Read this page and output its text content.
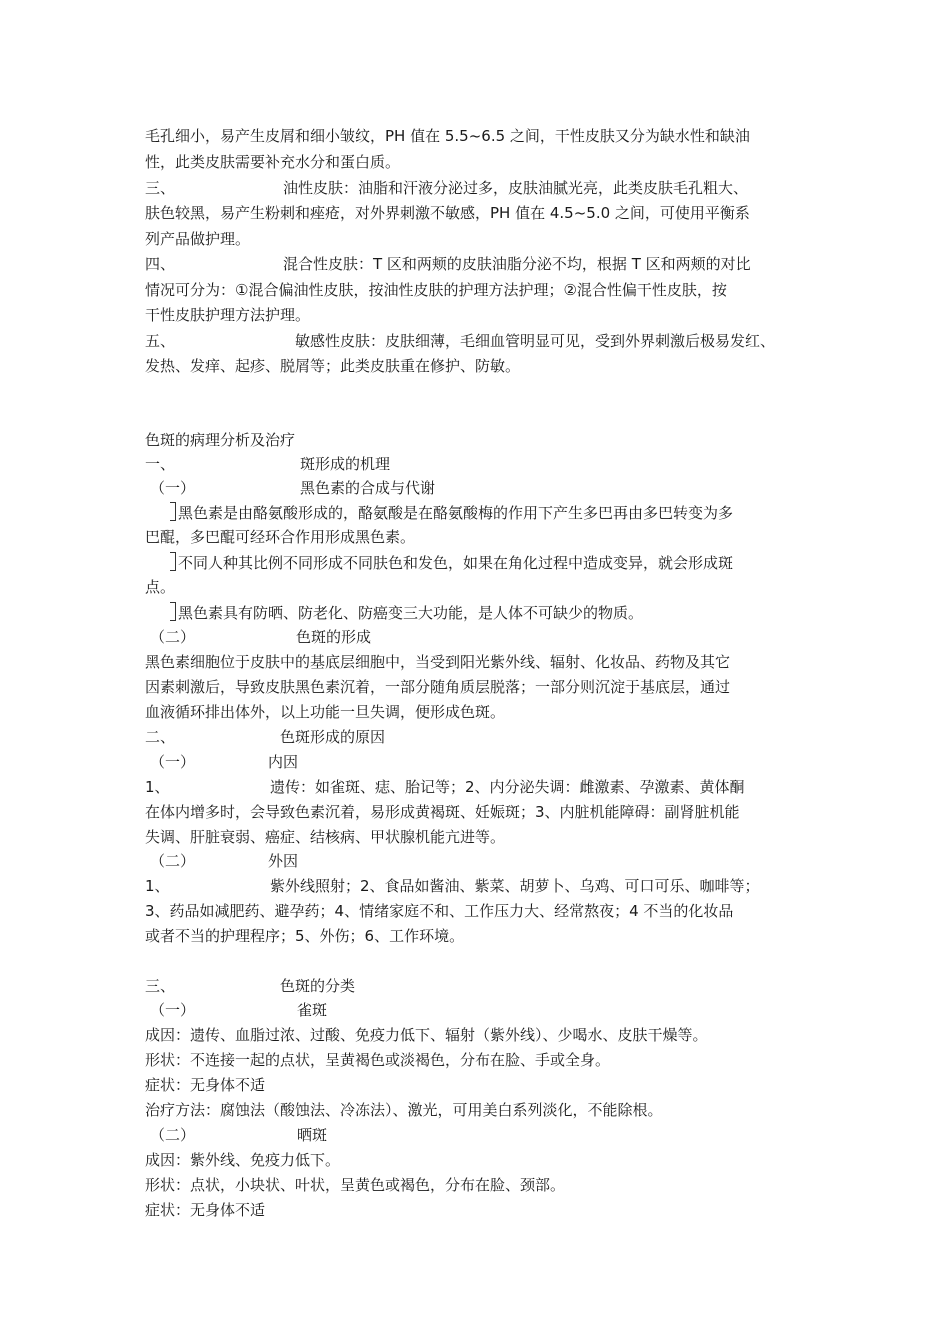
毛孔细小，易产生皮屑和细小皱纹，PH 值在 5.5~6.5 之间，干性皮肤又分为缺水性和缺油
性，此类皮肤需要补充水分和蛋白质。
三、	油性皮肤：油脂和汗液分泌过多，皮肤油腻光亮，此类皮肤毛孔粗大、
肤色较黑，易产生粉刺和痤疮，对外界刺激不敏感，PH 值在 4.5~5.0 之间，可使用平衡系
列产品做护理。
四、	混合性皮肤：T 区和两颊的皮肤油脂分泌不均，根据 T 区和两颊的对比
情况可分为：①混合偏油性皮肤，按油性皮肤的护理方法护理；②混合性偏干性皮肤，按
干性皮肤护理方法护理。
五、	敏感性皮肤：皮肤细薄，毛细血管明显可见，受到外界刺激后极易发红、
发热、发痒、起疹、脱屑等；此类皮肤重在修护、防敏。
色斑的病理分析及治疗
一、	斑形成的机理
（一）	黑色素的合成与代谢
黑色素是由酪氨酸形成的，酪氨酸是在酪氨酸梅的作用下产生多巴再由多巴转变为多
巴醌，多巴醌可经环合作用形成黑色素。
不同人种其比例不同形成不同肤色和发色，如果在角化过程中造成变异，就会形成斑
点。
黑色素具有防晒、防老化、防癌变三大功能，是人体不可缺少的物质。
（二）	色斑的形成
黑色素细胞位于皮肤中的基底层细胞中，当受到阳光紫外线、辐射、化妆品、药物及其它
因素刺激后，导致皮肤黑色素沉着，一部分随角质层脱落；一部分则沉淀于基底层，通过
血液循环排出体外，以上功能一旦失调，便形成色斑。
二、	色斑形成的原因
（一）	内因
1、	遗传：如雀斑、痣、胎记等；2、内分泌失调：雌激素、孕激素、黄体酮
在体内增多时，会导致色素沉着，易形成黄褐斑、妊娠斑；3、内脏机能障碍：副肾脏机能
失调、肝脏衰弱、癌症、结核病、甲状腺机能亢进等。
（二）	外因
1、	紫外线照射；2、食品如酱油、紫菜、胡萝卜、乌鸡、可口可乐、咖啡等；
3、药品如减肥药、避孕药；4、情绪家庭不和、工作压力大、经常熬夜；4 不当的化妆品
或者不当的护理程序；5、外伤；6、工作环境。
三、	色斑的分类
（一）	雀斑
成因：遗传、血脂过浓、过酸、免疫力低下、辐射（紫外线）、少喝水、皮肤干燥等。
形状：不连接一起的点状，呈黄褐色或淡褐色，分布在脸、手或全身。
症状：无身体不适
治疗方法：腐蚀法（酸蚀法、冷冻法）、激光，可用美白系列淡化，不能除根。
（二）	晒斑
成因：紫外线、免疫力低下。
形状：点状，小块状、叶状，呈黄色或褐色，分布在脸、颈部。
症状：无身体不适
